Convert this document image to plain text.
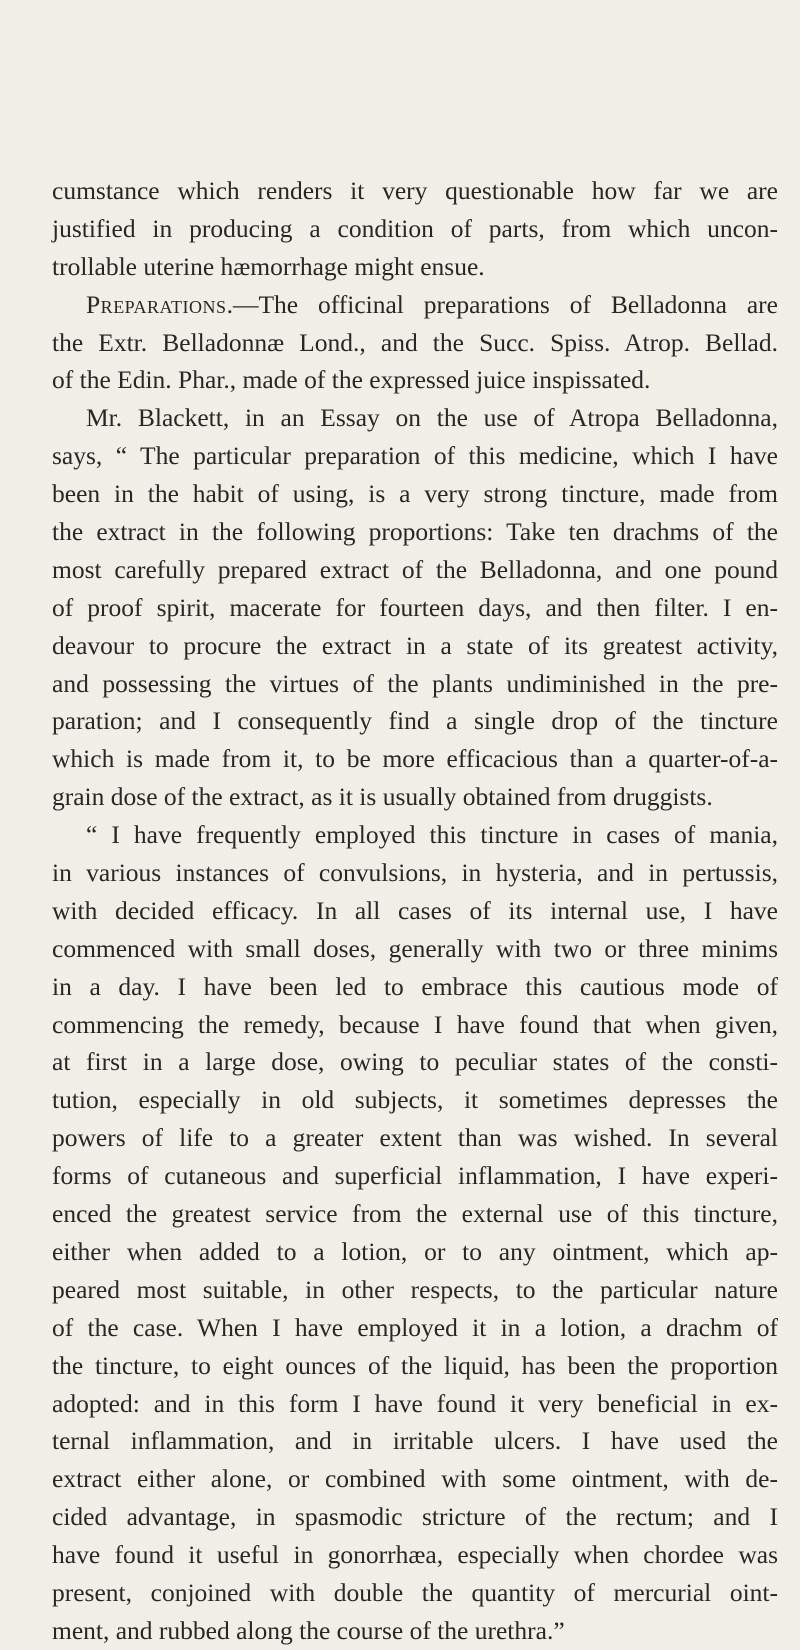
cumstance which renders it very questionable how far we are
justified in producing a condition of parts, from which uncon-
trollable uterine hæmorrhage might ensue.
Preparations.—The officinal preparations of Belladonna are
the Extr. Belladonnæ Lond., and the Succ. Spiss. Atrop. Bellad.
of the Edin. Phar., made of the expressed juice inspissated.
Mr. Blackett, in an Essay on the use of Atropa Belladonna,
says, “ The particular preparation of this medicine, which I have
been in the habit of using, is a very strong tincture, made from
the extract in the following proportions: Take ten drachms of the
most carefully prepared extract of the Belladonna, and one pound
of proof spirit, macerate for fourteen days, and then filter. I en-
deavour to procure the extract in a state of its greatest activity,
and possessing the virtues of the plants undiminished in the pre-
paration; and I consequently find a single drop of the tincture
which is made from it, to be more efficacious than a quarter-of-a-
grain dose of the extract, as it is usually obtained from druggists.
“ I have frequently employed this tincture in cases of mania,
in various instances of convulsions, in hysteria, and in pertussis,
with decided efficacy. In all cases of its internal use, I have
commenced with small doses, generally with two or three minims
in a day. I have been led to embrace this cautious mode of
commencing the remedy, because I have found that when given,
at first in a large dose, owing to peculiar states of the consti-
tution, especially in old subjects, it sometimes depresses the
powers of life to a greater extent than was wished. In several
forms of cutaneous and superficial inflammation, I have experi-
enced the greatest service from the external use of this tincture,
either when added to a lotion, or to any ointment, which ap-
peared most suitable, in other respects, to the particular nature
of the case. When I have employed it in a lotion, a drachm of
the tincture, to eight ounces of the liquid, has been the proportion
adopted: and in this form I have found it very beneficial in ex-
ternal inflammation, and in irritable ulcers. I have used the
extract either alone, or combined with some ointment, with de-
cided advantage, in spasmodic stricture of the rectum; and I
have found it useful in gonorrhæa, especially when chordee was
present, conjoined with double the quantity of mercurial oint-
ment, and rubbed along the course of the urethra.”
